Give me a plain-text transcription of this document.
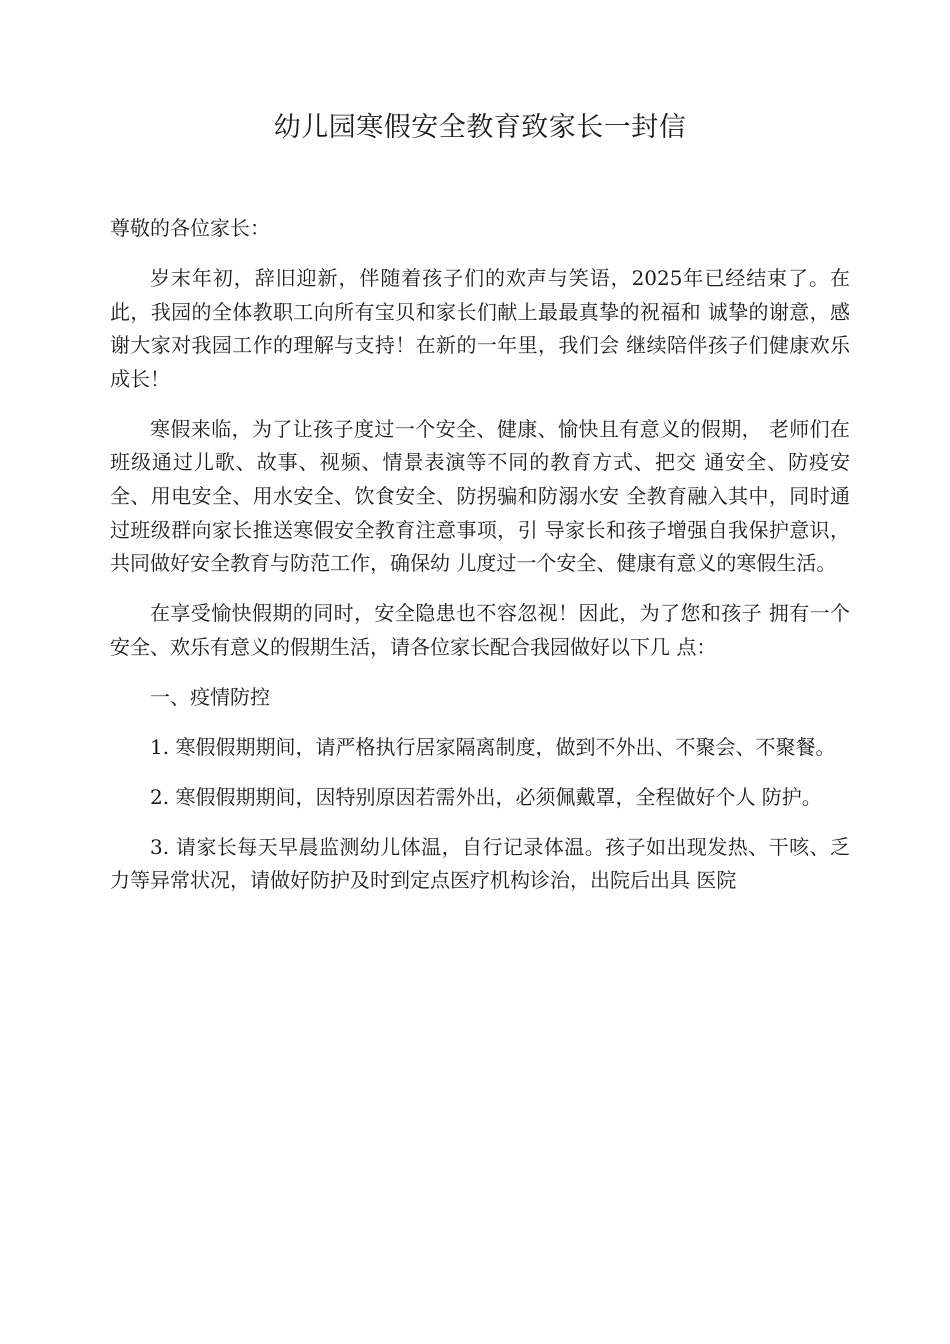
幼儿园寒假安全教育致家长一封信

尊敬的各位家长：

岁末年初，辞旧迎新，伴随着孩子们的欢声与笑语，2025年已经结束了。在此，我园的全体教职工向所有宝贝和家长们献上最最真挚的祝福和 诚挚的谢意，感谢大家对我园工作的理解与支持！在新的一年里，我们会 继续陪伴孩子们健康欢乐成长！

寒假来临，为了让孩子度过一个安全、健康、愉快且有意义的假期， 老师们在班级通过儿歌、故事、视频、情景表演等不同的教育方式、把交 通安全、防疫安全、用电安全、用水安全、饮食安全、防拐骗和防溺水安 全教育融入其中，同时通过班级群向家长推送寒假安全教育注意事项，引 导家长和孩子增强自我保护意识，共同做好安全教育与防范工作，确保幼 儿度过一个安全、健康有意义的寒假生活。

在享受愉快假期的同时，安全隐患也不容忽视！因此，为了您和孩子 拥有一个安全、欢乐有意义的假期生活，请各位家长配合我园做好以下几 点：

一、疫情防控

1. 寒假假期期间，请严格执行居家隔离制度，做到不外出、不聚会、不聚餐。

2. 寒假假期期间，因特别原因若需外出，必须佩戴罩，全程做好个人 防护。

3. 请家长每天早晨监测幼儿体温，自行记录体温。孩子如出现发热、干咳、乏力等异常状况，请做好防护及时到定点医疗机构诊治，出院后出具 医院
